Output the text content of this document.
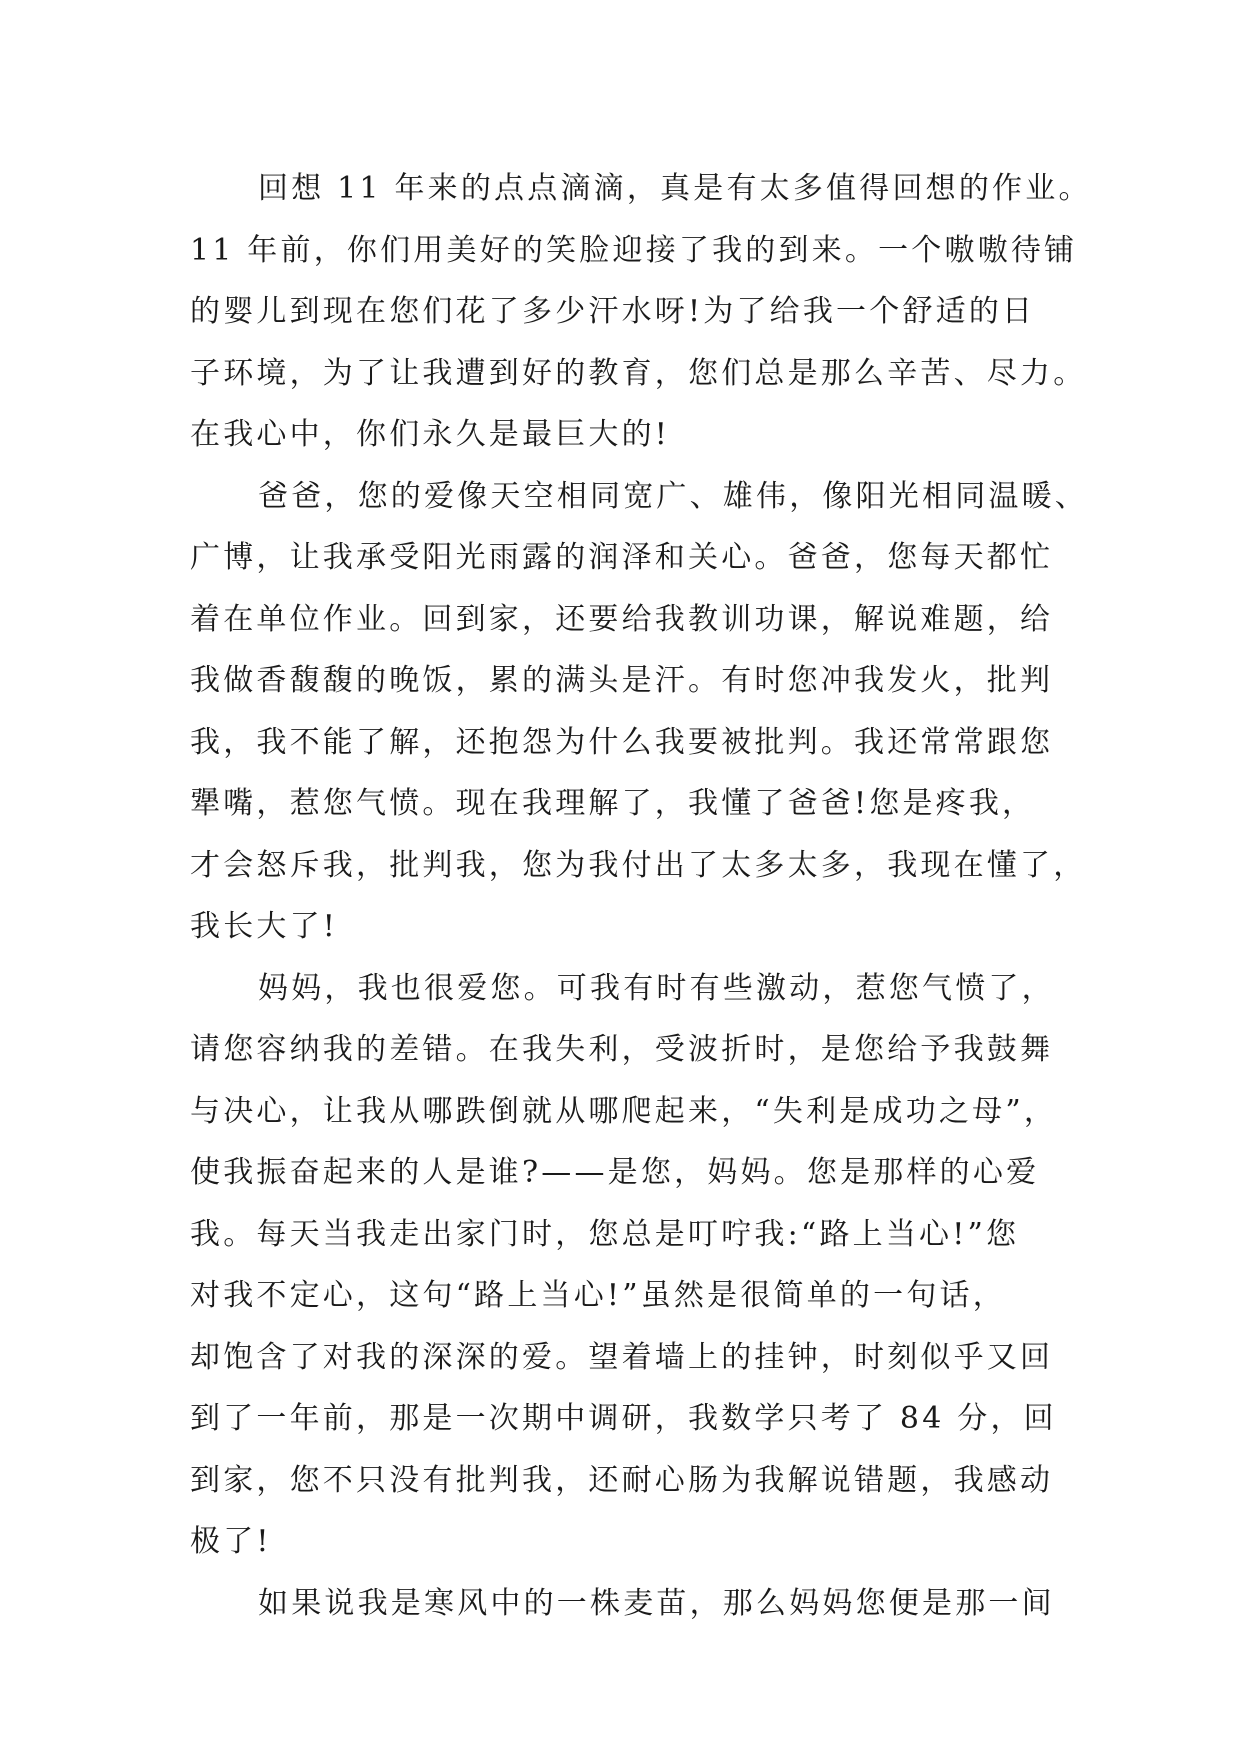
回想 11 年来的点点滴滴，真是有太多值得回想的作业。
11 年前，你们用美好的笑脸迎接了我的到来。一个嗷嗷待铺
的婴儿到现在您们花了多少汗水呀!为了给我一个舒适的日
子环境，为了让我遭到好的教育，您们总是那么辛苦、尽力。
在我心中，你们永久是最巨大的!
爸爸，您的爱像天空相同宽广、雄伟，像阳光相同温暖、
广博，让我承受阳光雨露的润泽和关心。爸爸，您每天都忙
着在单位作业。回到家，还要给我教训功课，解说难题，给
我做香馥馥的晚饭，累的满头是汗。有时您冲我发火，批判
我，我不能了解，还抱怨为什么我要被批判。我还常常跟您
犟嘴，惹您气愤。现在我理解了，我懂了爸爸!您是疼我，
才会怒斥我，批判我，您为我付出了太多太多，我现在懂了，
我长大了!
妈妈，我也很爱您。可我有时有些激动，惹您气愤了，
请您容纳我的差错。在我失利，受波折时，是您给予我鼓舞
与决心，让我从哪跌倒就从哪爬起来，“失利是成功之母”，
使我振奋起来的人是谁?——是您，妈妈。您是那样的心爱
我。每天当我走出家门时，您总是叮咛我:“路上当心!”您
对我不定心，这句“路上当心!”虽然是很简单的一句话，
却饱含了对我的深深的爱。望着墙上的挂钟，时刻似乎又回
到了一年前，那是一次期中调研，我数学只考了 84 分，回
到家，您不只没有批判我，还耐心肠为我解说错题，我感动
极了!
如果说我是寒风中的一株麦苗，那么妈妈您便是那一间
